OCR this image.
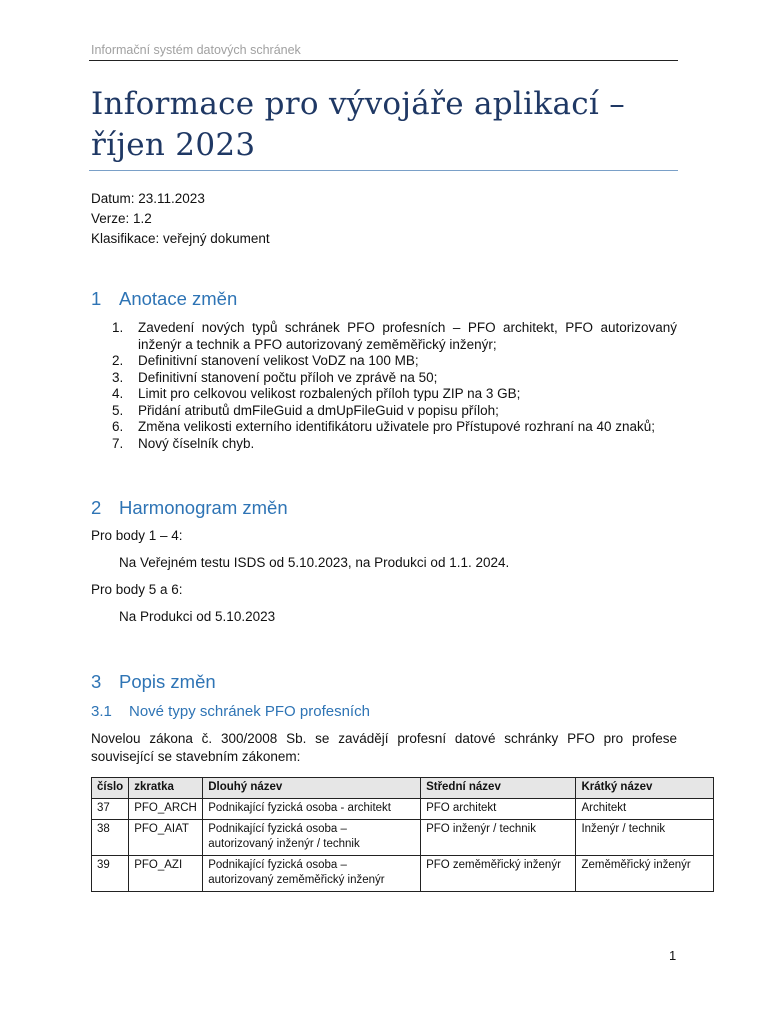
Informační systém datových schránek
Informace pro vývojáře aplikací – říjen 2023
Datum: 23.11.2023
Verze: 1.2
Klasifikace: veřejný dokument
1 Anotace změn
1. Zavedení nových typů schránek PFO profesních – PFO architekt, PFO autorizovaný inženýr a technik a PFO autorizovaný zeměměřický inženýr;
2. Definitivní stanovení velikost VoDZ na 100 MB;
3. Definitivní stanovení počtu příloh ve zprávě na 50;
4. Limit pro celkovou velikost rozbalených příloh typu ZIP na 3 GB;
5. Přidání atributů dmFileGuid a dmUpFileGuid v popisu příloh;
6. Změna velikosti externího identifikátoru uživatele pro Přístupové rozhraní na 40 znaků;
7. Nový číselník chyb.
2 Harmonogram změn
Pro body 1 – 4:
Na Veřejném testu ISDS od 5.10.2023, na Produkci od 1.1. 2024.
Pro body 5 a 6:
Na Produkci od 5.10.2023
3 Popis změn
3.1 Nové typy schránek PFO profesních
Novelou zákona č. 300/2008 Sb. se zavádějí profesní datové schránky PFO pro profese související se stavebním zákonem:
číslo	zkratka	Dlouhý název	Střední název	Krátký název
37	PFO_ARCH	Podnikající fyzická osoba - architekt	PFO architekt	Architekt
38	PFO_AIAT	Podnikající fyzická osoba – autorizovaný inženýr / technik	PFO inženýr / technik	Inženýr / technik
39	PFO_AZI	Podnikající fyzická osoba – autorizovaný zeměměřický inženýr	PFO zeměměřický inženýr	Zeměměřický inženýr
1
